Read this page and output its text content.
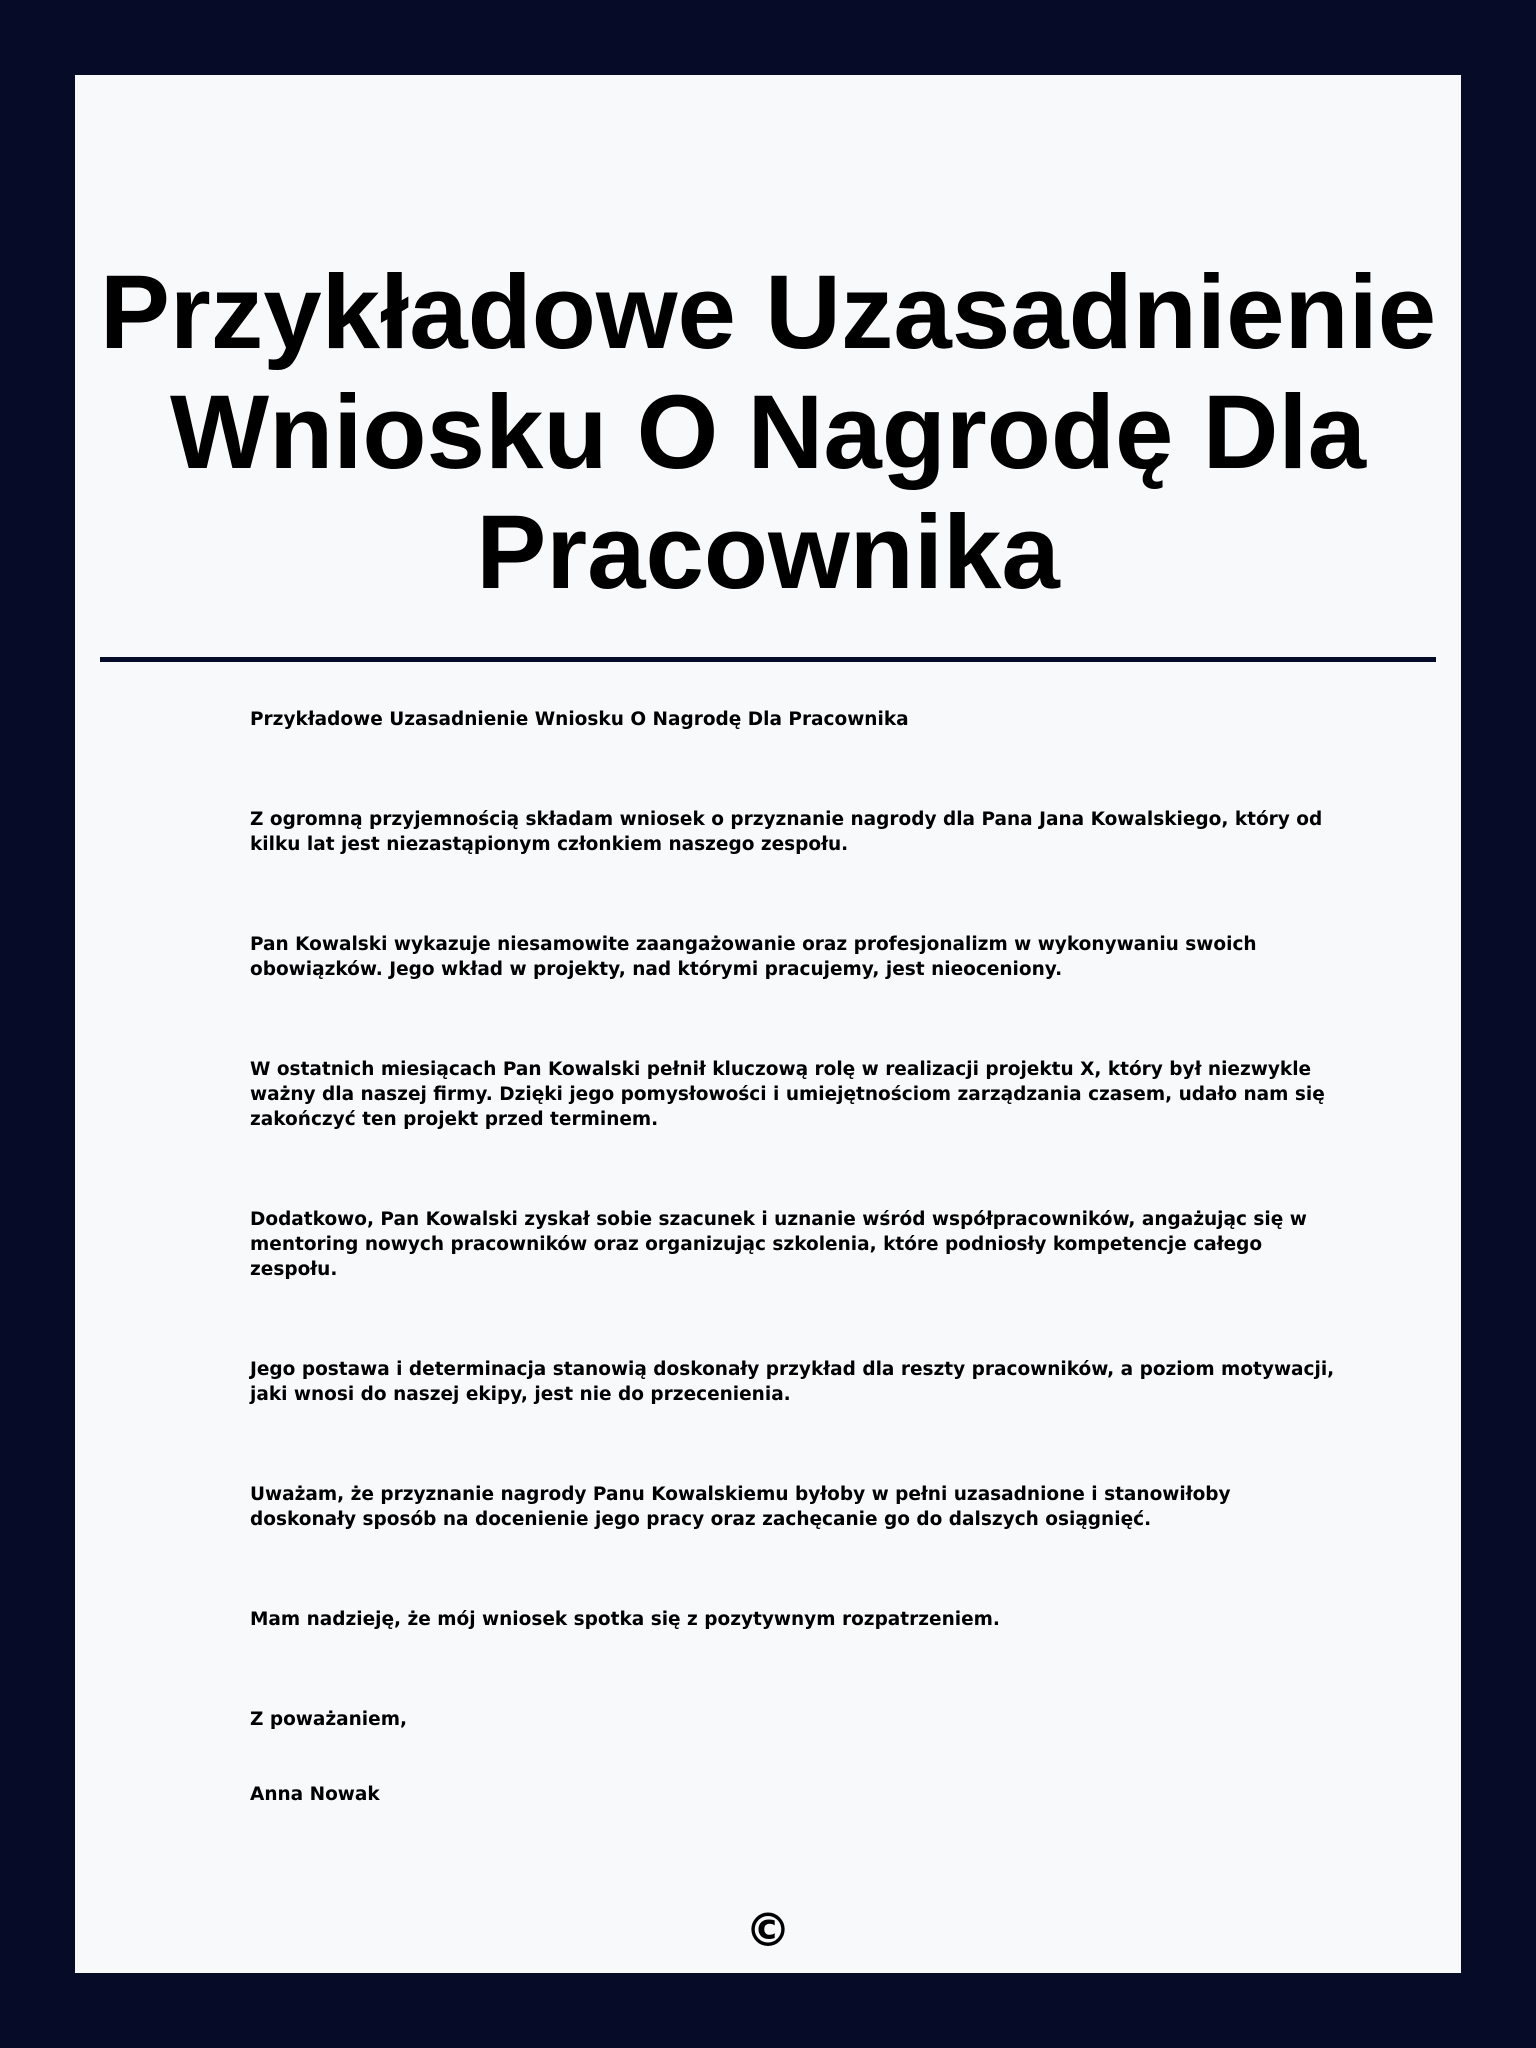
Przykładowe Uzasadnienie Wniosku O Nagrodę Dla Pracownika

Przykładowe Uzasadnienie Wniosku O Nagrodę Dla Pracownika

Z ogromną przyjemnością składam wniosek o przyznanie nagrody dla Pana Jana Kowalskiego, który od kilku lat jest niezastąpionym członkiem naszego zespołu.

Pan Kowalski wykazuje niesamowite zaangażowanie oraz profesjonalizm w wykonywaniu swoich obowiązków. Jego wkład w projekty, nad którymi pracujemy, jest nieoceniony.

W ostatnich miesiącach Pan Kowalski pełnił kluczową rolę w realizacji projektu X, który był niezwykle ważny dla naszej firmy. Dzięki jego pomysłowości i umiejętnościom zarządzania czasem, udało nam się zakończyć ten projekt przed terminem.

Dodatkowo, Pan Kowalski zyskał sobie szacunek i uznanie wśród współpracowników, angażując się w mentoring nowych pracowników oraz organizując szkolenia, które podniosły kompetencje całego zespołu.

Jego postawa i determinacja stanowią doskonały przykład dla reszty pracowników, a poziom motywacji, jaki wnosi do naszej ekipy, jest nie do przecenienia.

Uważam, że przyznanie nagrody Panu Kowalskiemu byłoby w pełni uzasadnione i stanowiłoby doskonały sposób na docenienie jego pracy oraz zachęcanie go do dalszych osiągnięć.

Mam nadzieję, że mój wniosek spotka się z pozytywnym rozpatrzeniem.

Z poważaniem,

Anna Nowak

©
